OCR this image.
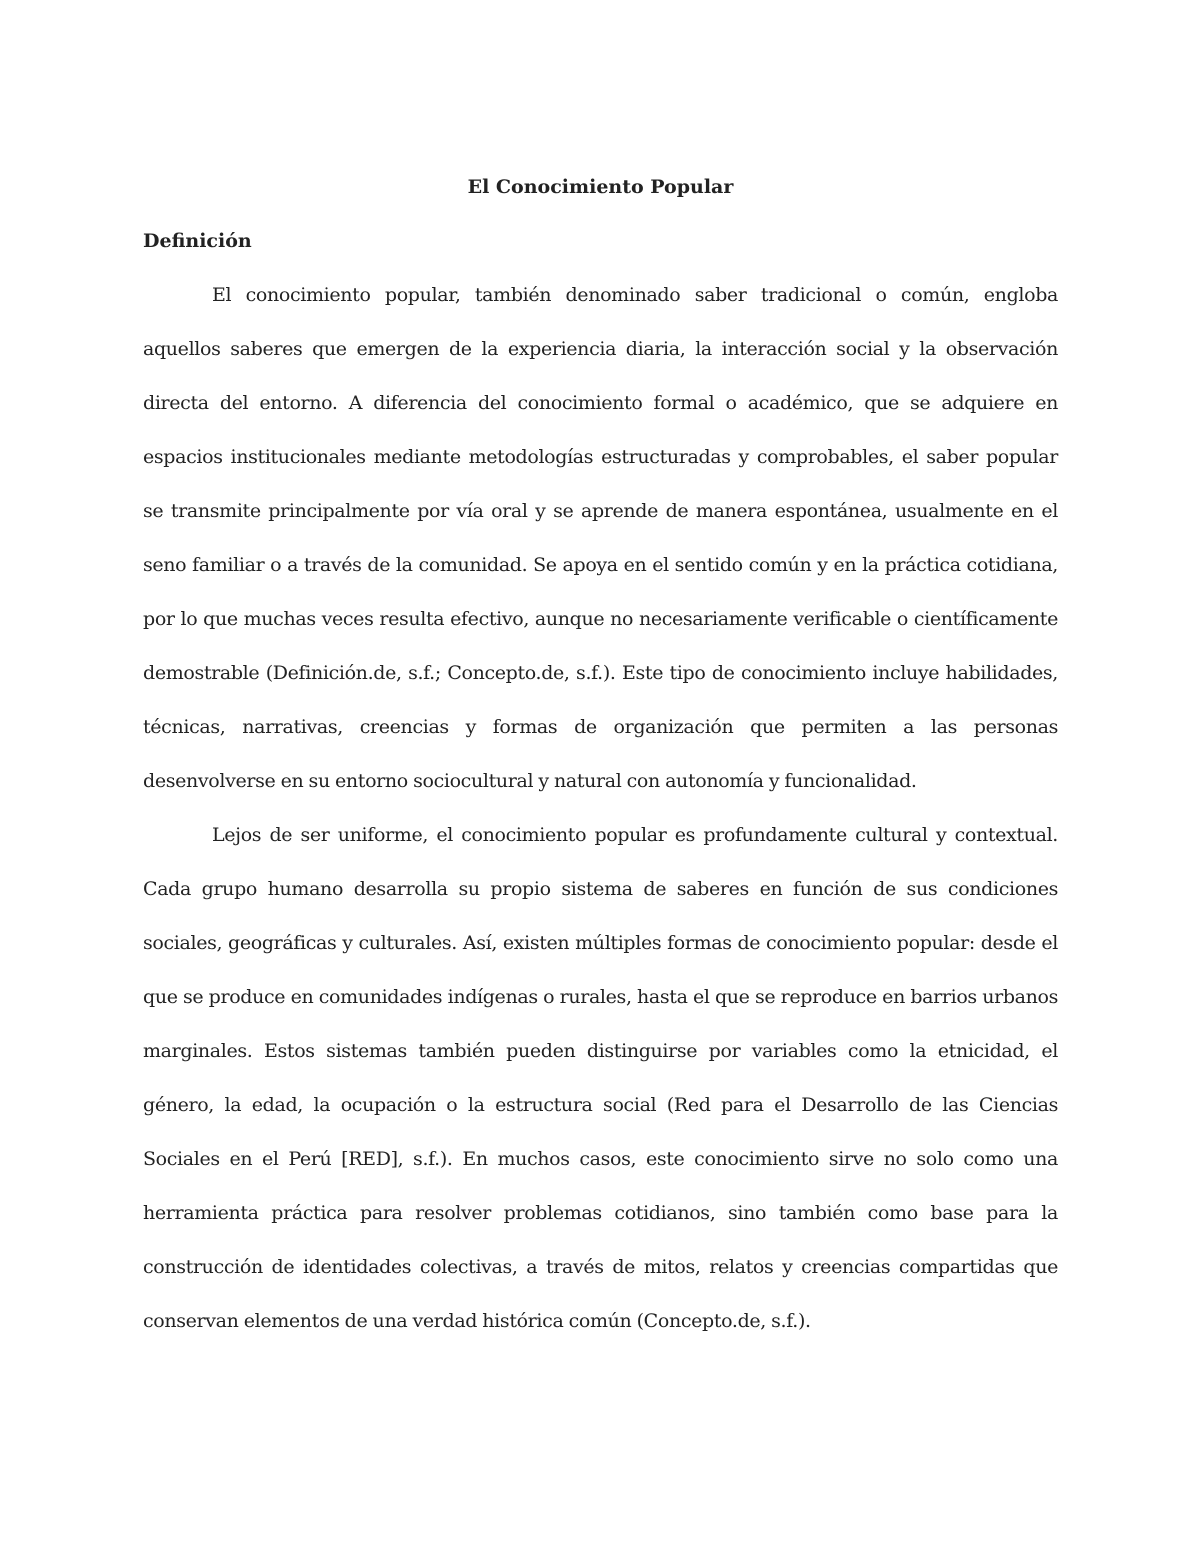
El Conocimiento Popular
Definición

El conocimiento popular, también denominado saber tradicional o común, engloba aquellos saberes que emergen de la experiencia diaria, la interacción social y la observación directa del entorno. A diferencia del conocimiento formal o académico, que se adquiere en espacios institucionales mediante metodologías estructuradas y comprobables, el saber popular se transmite principalmente por vía oral y se aprende de manera espontánea, usualmente en el seno familiar o a través de la comunidad. Se apoya en el sentido común y en la práctica cotidiana, por lo que muchas veces resulta efectivo, aunque no necesariamente verificable o científicamente demostrable (Definición.de, s.f.; Concepto.de, s.f.). Este tipo de conocimiento incluye habilidades, técnicas, narrativas, creencias y formas de organización que permiten a las personas desenvolverse en su entorno sociocultural y natural con autonomía y funcionalidad.

Lejos de ser uniforme, el conocimiento popular es profundamente cultural y contextual. Cada grupo humano desarrolla su propio sistema de saberes en función de sus condiciones sociales, geográficas y culturales. Así, existen múltiples formas de conocimiento popular: desde el que se produce en comunidades indígenas o rurales, hasta el que se reproduce en barrios urbanos marginales. Estos sistemas también pueden distinguirse por variables como la etnicidad, el género, la edad, la ocupación o la estructura social (Red para el Desarrollo de las Ciencias Sociales en el Perú [RED], s.f.). En muchos casos, este conocimiento sirve no solo como una herramienta práctica para resolver problemas cotidianos, sino también como base para la construcción de identidades colectivas, a través de mitos, relatos y creencias compartidas que conservan elementos de una verdad histórica común (Concepto.de, s.f.).
